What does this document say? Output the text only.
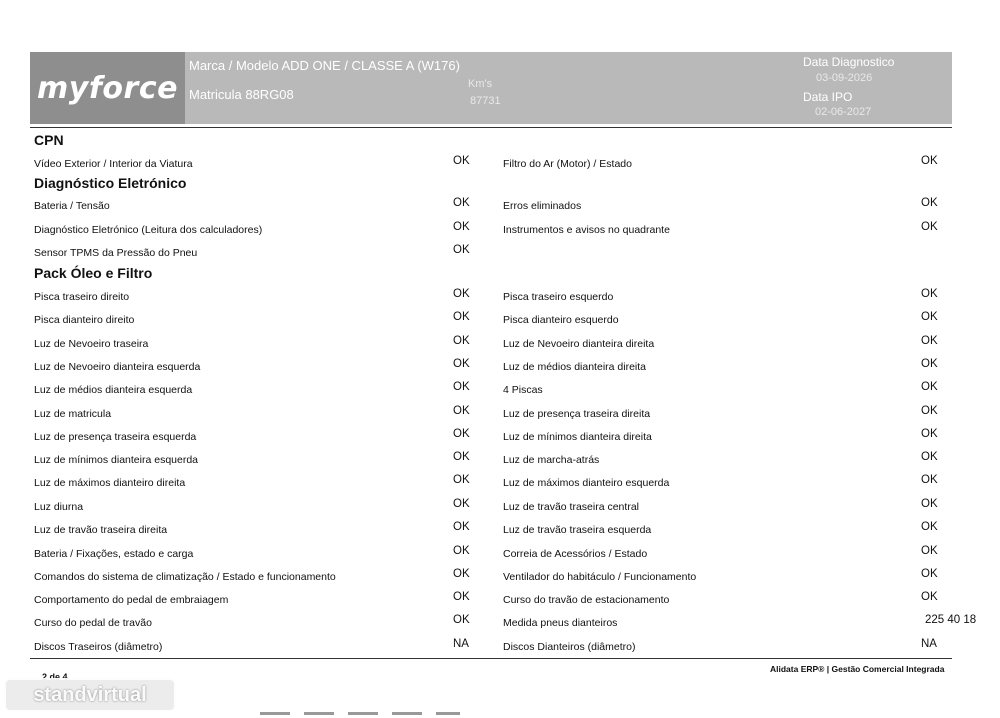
myforce
Marca / Modelo ADD ONE / CLASSE A (W176)
Matricula 88RG08
Km's
87731
Data Diagnostico
03-09-2026
Data IPO
02-06-2027
CPN
Diagnóstico Eletrónico
Pack Óleo e Filtro
Vídeo Exterior / Interior da Viatura	OK	Filtro do Ar (Motor) / Estado	OK
Bateria / Tensão	OK	Erros eliminados	OK
Diagnóstico Eletrónico (Leitura dos calculadores)	OK	Instrumentos e avisos no quadrante	OK
Sensor TPMS da Pressão do Pneu	OK
Pisca traseiro direito	OK	Pisca traseiro esquerdo	OK
Pisca dianteiro direito	OK	Pisca dianteiro esquerdo	OK
Luz de Nevoeiro traseira	OK	Luz de Nevoeiro dianteira direita	OK
Luz de Nevoeiro dianteira esquerda	OK	Luz de médios dianteira direita	OK
Luz de médios dianteira esquerda	OK	4 Piscas	OK
Luz de matricula	OK	Luz de presença traseira direita	OK
Luz de presença traseira esquerda	OK	Luz de mínimos dianteira direita	OK
Luz de mínimos dianteira esquerda	OK	Luz de marcha-atrás	OK
Luz de máximos dianteiro direita	OK	Luz de máximos dianteiro esquerda	OK
Luz diurna	OK	Luz de travão traseira central	OK
Luz de travão traseira direita	OK	Luz de travão traseira esquerda	OK
Bateria / Fixações, estado e carga	OK	Correia de Acessórios / Estado	OK
Comandos do sistema de climatização / Estado e funcionamento	OK	Ventilador do habitáculo / Funcionamento	OK
Comportamento do pedal de embraiagem	OK	Curso do travão de estacionamento	OK
Curso do pedal de travão	OK	Medida pneus dianteiros	225 40 18
Discos Traseiros (diâmetro)	NA	Discos Dianteiros (diâmetro)	NA
2 de 4
Alidata ERP® | Gestão Comercial Integrada
standvirtual
